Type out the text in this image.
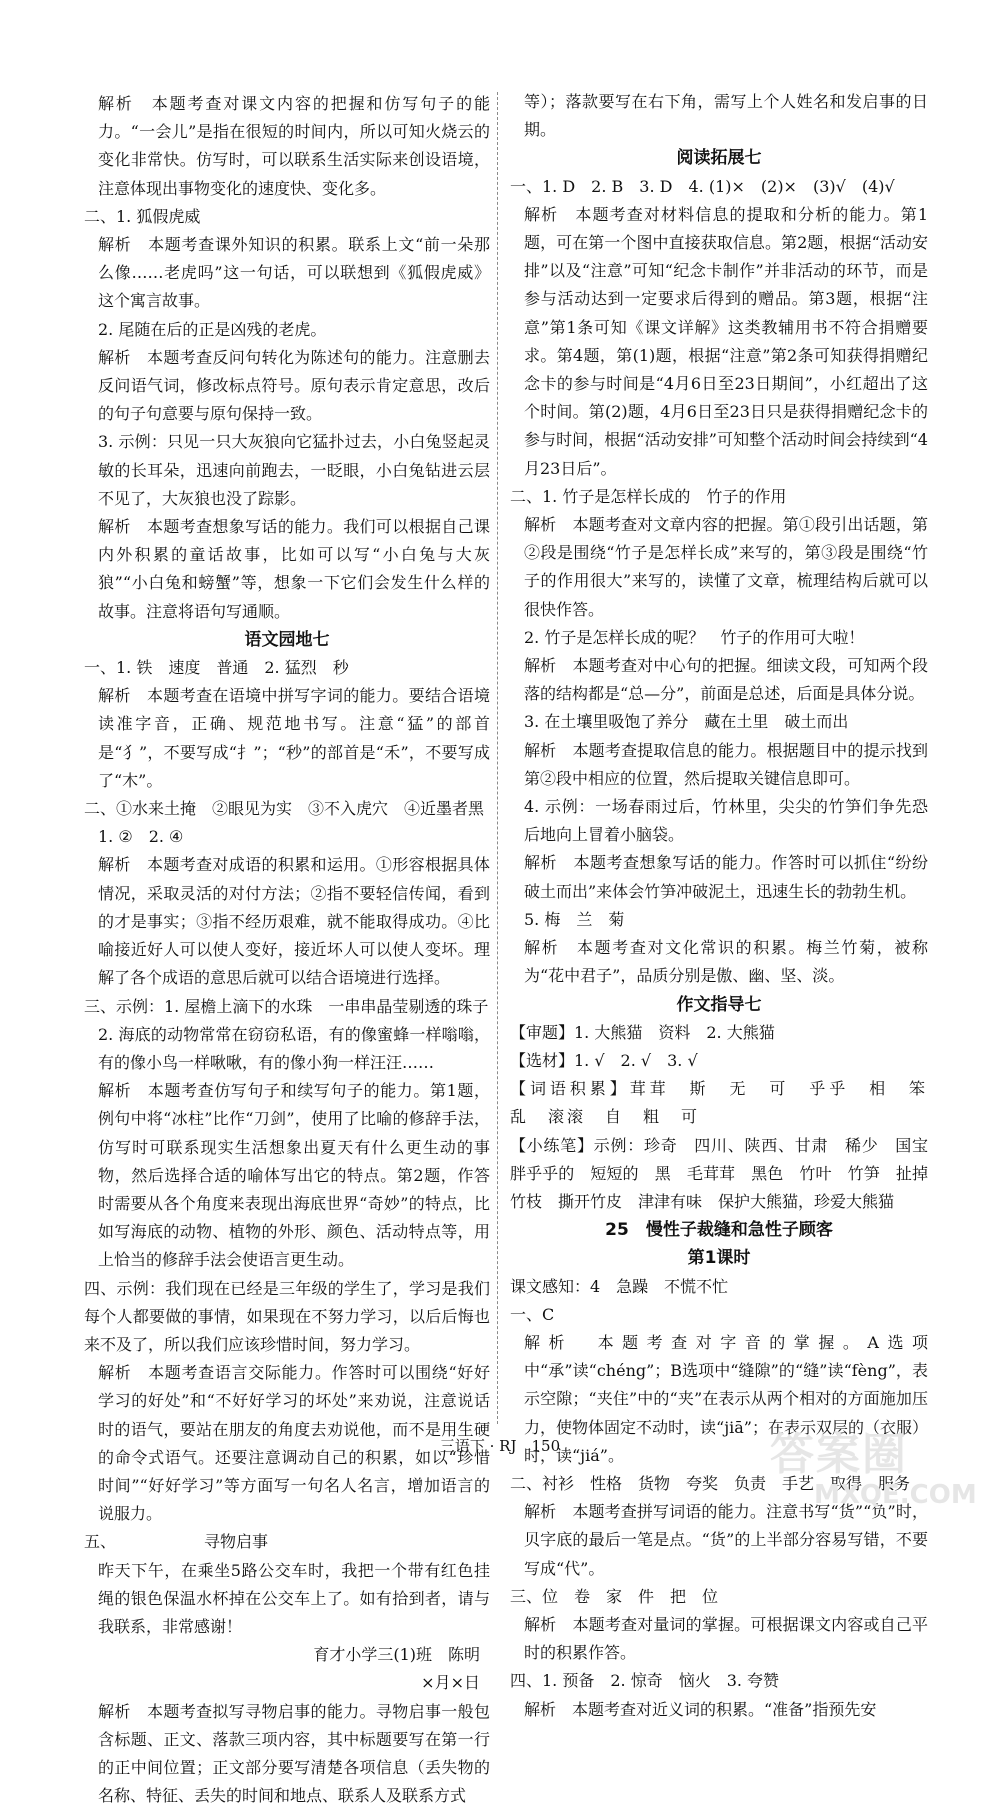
解析　本题考查对课文内容的把握和仿写句子的能力。“一会儿”是指在很短的时间内，所以可知火烧云的变化非常快。仿写时，可以联系生活实际来创设语境，注意体现出事物变化的速度快、变化多。

二、1. 狐假虎威

解析　本题考查课外知识的积累。联系上文“前一朵那么像……老虎吗”这一句话，可以联想到《狐假虎威》这个寓言故事。

2. 尾随在后的正是凶残的老虎。

解析　本题考查反问句转化为陈述句的能力。注意删去反问语气词，修改标点符号。原句表示肯定意思，改后的句子句意要与原句保持一致。

3. 示例：只见一只大灰狼向它猛扑过去，小白兔竖起灵敏的长耳朵，迅速向前跑去，一眨眼，小白兔钻进云层不见了，大灰狼也没了踪影。

解析　本题考查想象写话的能力。我们可以根据自己课内外积累的童话故事，比如可以写“小白兔与大灰狼”“小白兔和螃蟹”等，想象一下它们会发生什么样的故事。注意将语句写通顺。

语文园地七

一、1. 铁　速度　普通　2. 猛烈　秒

解析　本题考查在语境中拼写字词的能力。要结合语境读准字音，正确、规范地书写。注意“猛”的部首是“犭”，不要写成“扌”；“秒”的部首是“禾”，不要写成了“木”。

二、①水来土掩　②眼见为实　③不入虎穴　④近墨者黑

1. ②　2. ④

解析　本题考查对成语的积累和运用。①形容根据具体情况，采取灵活的对付方法；②指不要轻信传闻，看到的才是事实；③指不经历艰难，就不能取得成功。④比喻接近好人可以使人变好，接近坏人可以使人变坏。理解了各个成语的意思后就可以结合语境进行选择。

三、示例：1. 屋檐上滴下的水珠　一串串晶莹剔透的珠子

2. 海底的动物常常在窃窃私语，有的像蜜蜂一样嗡嗡，有的像小鸟一样啾啾，有的像小狗一样汪汪……

解析　本题考查仿写句子和续写句子的能力。第1题，例句中将“冰柱”比作“刀剑”，使用了比喻的修辞手法，仿写时可联系现实生活想象出夏天有什么更生动的事物，然后选择合适的喻体写出它的特点。第2题，作答时需要从各个角度来表现出海底世界“奇妙”的特点，比如写海底的动物、植物的外形、颜色、活动特点等，用上恰当的修辞手法会使语言更生动。

四、示例：我们现在已经是三年级的学生了，学习是我们每个人都要做的事情，如果现在不努力学习，以后后悔也来不及了，所以我们应该珍惜时间，努力学习。

解析　本题考查语言交际能力。作答时可以围绕“好好学习的好处”和“不好好学习的坏处”来劝说，注意说话时的语气，要站在朋友的角度去劝说他，而不是用生硬的命令式语气。还要注意调动自己的积累，如以“珍惜时间”“好好学习”等方面写一句名人名言，增加语言的说服力。

五、　　　　　　寻物启事

昨天下午，在乘坐5路公交车时，我把一个带有红色挂绳的银色保温水杯掉在公交车上了。如有拾到者，请与我联系，非常感谢！

育才小学三(1)班　陈明

×月×日

解析　本题考查拟写寻物启事的能力。寻物启事一般包含标题、正文、落款三项内容，其中标题要写在第一行的正中间位置；正文部分要写清楚各项信息（丢失物的名称、特征、丢失的时间和地点、联系人及联系方式

等）；落款要写在右下角，需写上个人姓名和发启事的日期。

阅读拓展七

一、1. D　2. B　3. D　4. (1)×　(2)×　(3)√　(4)√

解析　本题考查对材料信息的提取和分析的能力。第1题，可在第一个图中直接获取信息。第2题，根据“活动安排”以及“注意”可知“纪念卡制作”并非活动的环节，而是参与活动达到一定要求后得到的赠品。第3题，根据“注意”第1条可知《课文详解》这类教辅用书不符合捐赠要求。第4题，第(1)题，根据“注意”第2条可知获得捐赠纪念卡的参与时间是“4月6日至23日期间”，小红超出了这个时间。第(2)题，4月6日至23日只是获得捐赠纪念卡的参与时间，根据“活动安排”可知整个活动时间会持续到“4月23日后”。

二、1. 竹子是怎样长成的　竹子的作用

解析　本题考查对文章内容的把握。第①段引出话题，第②段是围绕“竹子是怎样长成”来写的，第③段是围绕“竹子的作用很大”来写的，读懂了文章，梳理结构后就可以很快作答。

2. 竹子是怎样长成的呢？　竹子的作用可大啦！

解析　本题考查对中心句的把握。细读文段，可知两个段落的结构都是“总—分”，前面是总述，后面是具体分说。

3. 在土壤里吸饱了养分　藏在土里　破土而出

解析　本题考查提取信息的能力。根据题目中的提示找到第②段中相应的位置，然后提取关键信息即可。

4. 示例：一场春雨过后，竹林里，尖尖的竹笋们争先恐后地向上冒着小脑袋。

解析　本题考查想象写话的能力。作答时可以抓住“纷纷破土而出”来体会竹笋冲破泥土，迅速生长的勃勃生机。

5. 梅　兰　菊

解析　本题考查对文化常识的积累。梅兰竹菊，被称为“花中君子”，品质分别是傲、幽、坚、淡。

作文指导七

【审题】1. 大熊猫　资料　2. 大熊猫

【选材】1. √　2. √　3. √

【词语积累】茸茸　斯　无　可　乎乎　相　笨　乱　滚滚　自　粗　可

【小练笔】示例：珍奇　四川、陕西、甘肃　稀少　国宝　胖乎乎的　短短的　黑　毛茸茸　黑色　竹叶　竹笋　扯掉竹枝　撕开竹皮　津津有味　保护大熊猫，珍爱大熊猫

25　慢性子裁缝和急性子顾客

第1课时

课文感知：4　急躁　不慌不忙

一、C

解析　本题考查对字音的掌握。A选项中“承”读“chéng”；B选项中“缝隙”的“缝”读“fèng”，表示空隙；“夹住”中的“夹”在表示从两个相对的方面施加压力，使物体固定不动时，读“jiā”；在表示双层的（衣服）时，读“jiá”。

二、衬衫　性格　货物　夸奖　负责　手艺　取得　服务

解析　本题考查拼写词语的能力。注意书写“货”“负”时，贝字底的最后一笔是点。“货”的上半部分容易写错，不要写成“代”。

三、位　卷　家　件　把　位

解析　本题考查对量词的掌握。可根据课文内容或自己平时的积累作答。

四、1. 预备　2. 惊奇　恼火　3. 夸赞

解析　本题考查对近义词的积累。“准备”指预先安

三语下 · RJ　150	答案圈
MXQE.COM
